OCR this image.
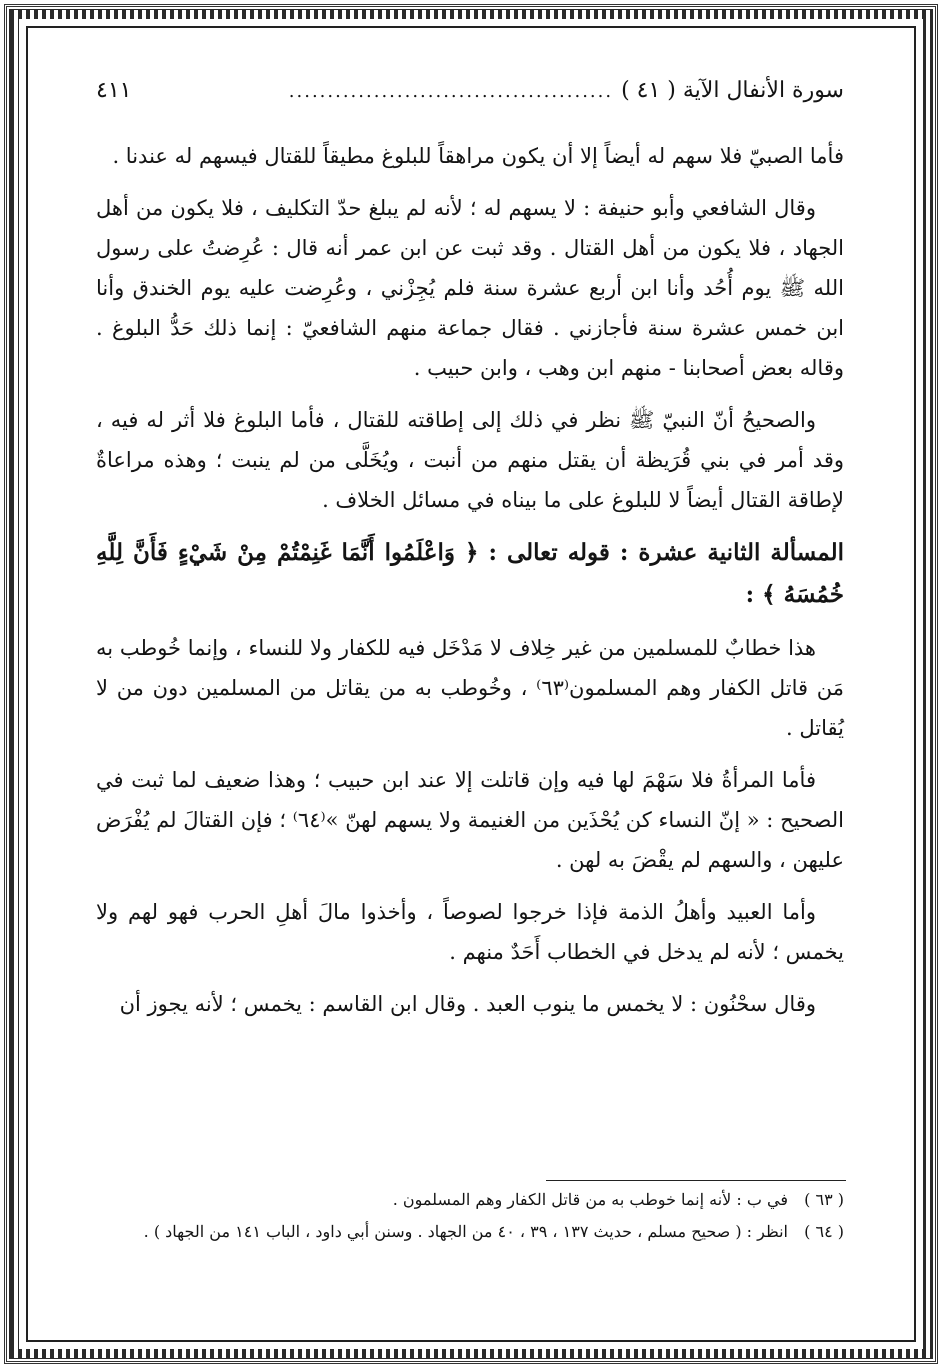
سورة الأنفال الآية ( ٤١ )
..........................................
٤١١

فأما الصبيّ فلا سهم له أيضاً إلا أن يكون مراهقاً للبلوغ مطيقاً للقتال فيسهم له عندنا .

وقال الشافعي وأبو حنيفة : لا يسهم له ؛ لأنه لم يبلغ حدّ التكليف ، فلا يكون من أهل الجهاد ، فلا يكون من أهل القتال . وقد ثبت عن ابن عمر أنه قال : عُرِضتُ على رسول الله ﷺ يوم أُحُد وأنا ابن أربع عشرة سنة فلم يُجِزْني ، وعُرِضت عليه يوم الخندق وأنا ابن خمس عشرة سنة فأجازني . فقال جماعة منهم الشافعيّ : إنما ذلك حَدُّ البلوغ . وقاله بعض أصحابنا - منهم ابن وهب ، وابن حبيب .

والصحيحُ أنّ النبيّ ﷺ نظر في ذلك إلى إطاقته للقتال ، فأما البلوغ فلا أثر له فيه ، وقد أمر في بني قُرَيظة أن يقتل منهم من أنبت ، ويُخَلَّى من لم ينبت ؛ وهذه مراعاةٌ لإطاقة القتال أيضاً لا للبلوغ على ما بيناه في مسائل الخلاف .

المسألة الثانية عشرة : قوله تعالى : ﴿ وَاعْلَمُوا أَنَّمَا غَنِمْتُمْ مِنْ شَيْءٍ فَأَنَّ لِلَّهِ خُمُسَهُ ﴾ :

هذا خطابٌ للمسلمين من غير خِلاف لا مَدْخَل فيه للكفار ولا للنساء ، وإنما خُوطب به مَن قاتل الكفار وهم المسلمون⁽٦٣⁾ ، وخُوطب به من يقاتل من المسلمين دون من لا يُقاتل .

فأما المرأةُ فلا سَهْمَ لها فيه وإن قاتلت إلا عند ابن حبيب ؛ وهذا ضعيف لما ثبت في الصحيح : « إنّ النساء كن يُحْذَين من الغنيمة ولا يسهم لهنّ »⁽٦٤⁾ ؛ فإن القتالَ لم يُفْرَض عليهن ، والسهم لم يقْضَ به لهن .

وأما العبيد وأهلُ الذمة فإذا خرجوا لصوصاً ، وأخذوا مالَ أهلِ الحرب فهو لهم ولا يخمس ؛ لأنه لم يدخل في الخطاب أَحَدٌ منهم .

وقال سحْنُون : لا يخمس ما ينوب العبد . وقال ابن القاسم : يخمس ؛ لأنه يجوز أن

( ٦٣ )
في ب : لأنه إنما خوطب به من قاتل الكفار وهم المسلمون .
( ٦٤ )
انظر : ( صحيح مسلم ، حديث ١٣٧ ، ٣٩ ، ٤٠ من الجهاد . وسنن أبي داود ، الباب ١٤١ من الجهاد ) .
